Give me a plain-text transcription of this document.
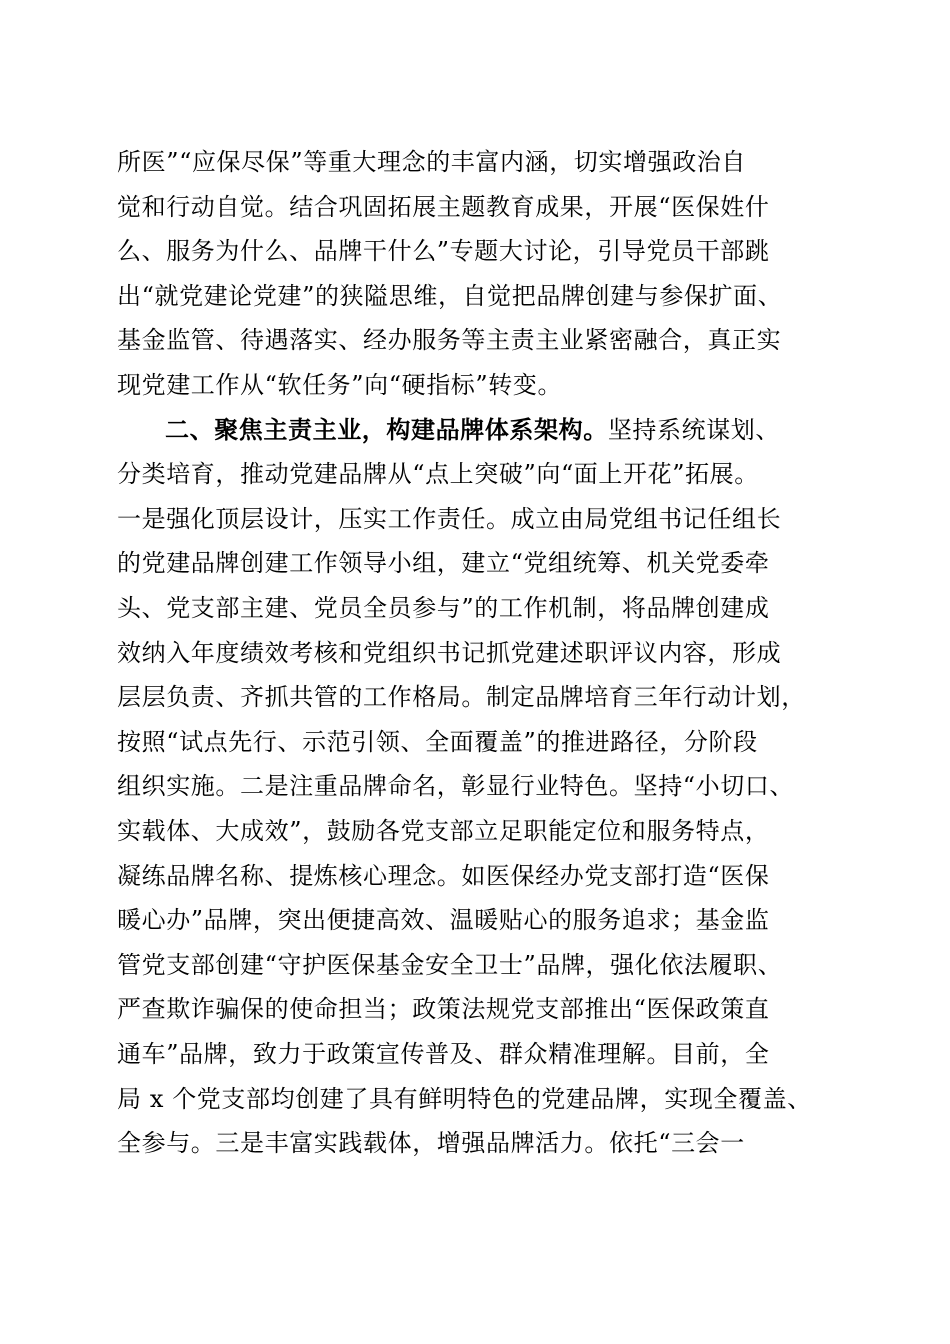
所医”“应保尽保”等重大理念的丰富内涵，切实增强政治自
觉和行动自觉。结合巩固拓展主题教育成果，开展“医保姓什
么、服务为什么、品牌干什么”专题大讨论，引导党员干部跳
出“就党建论党建”的狭隘思维，自觉把品牌创建与参保扩面、
基金监管、待遇落实、经办服务等主责主业紧密融合，真正实
现党建工作从“软任务”向“硬指标”转变。
二、聚焦主责主业，构建品牌体系架构。坚持系统谋划、
分类培育，推动党建品牌从“点上突破”向“面上开花”拓展。
一是强化顶层设计，压实工作责任。成立由局党组书记任组长
的党建品牌创建工作领导小组，建立“党组统筹、机关党委牵
头、党支部主建、党员全员参与”的工作机制，将品牌创建成
效纳入年度绩效考核和党组织书记抓党建述职评议内容，形成
层层负责、齐抓共管的工作格局。制定品牌培育三年行动计划，
按照“试点先行、示范引领、全面覆盖”的推进路径，分阶段
组织实施。二是注重品牌命名，彰显行业特色。坚持“小切口、
实载体、大成效”，鼓励各党支部立足职能定位和服务特点，
凝练品牌名称、提炼核心理念。如医保经办党支部打造“医保
暖心办”品牌，突出便捷高效、温暖贴心的服务追求；基金监
管党支部创建“守护医保基金安全卫士”品牌，强化依法履职、
严查欺诈骗保的使命担当；政策法规党支部推出“医保政策直
通车”品牌，致力于政策宣传普及、群众精准理解。目前，全
局 x 个党支部均创建了具有鲜明特色的党建品牌，实现全覆盖、
全参与。三是丰富实践载体，增强品牌活力。依托“三会一
